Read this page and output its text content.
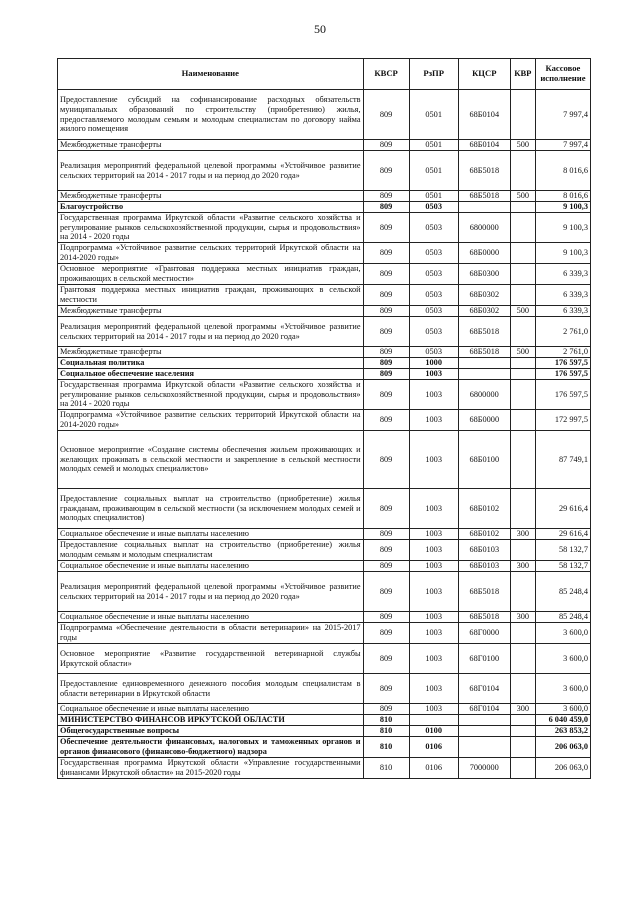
50
Наименование	КВСР	РзПР	КЦСР	КВР	Кассовое исполнение
Предоставление субсидий на софинансирование расходных обязательств муниципальных образований по строительству (приобретению) жилья, предоставляемого молодым семьям и молодым специалистам по договору найма жилого помещения	809	0501	68Б0104		7 997,4
Межбюджетные трансферты	809	0501	68Б0104	500	7 997,4
Реализация мероприятий федеральной целевой программы «Устойчивое развитие сельских территорий на 2014 - 2017 годы и на период до 2020 года»	809	0501	68Б5018		8 016,6
Межбюджетные трансферты	809	0501	68Б5018	500	8 016,6
Благоустройство	809	0503			9 100,3
Государственная программа Иркутской области «Развитие сельского хозяйства и регулирование рынков сельскохозяйственной продукции, сырья и продовольствия» на 2014 - 2020 годы	809	0503	6800000		9 100,3
Подпрограмма «Устойчивое развитие сельских территорий Иркутской области на 2014-2020 годы»	809	0503	68Б0000		9 100,3
Основное мероприятие «Грантовая поддержка местных инициатив граждан, проживающих в сельской местности»	809	0503	68Б0300		6 339,3
Грантовая поддержка местных инициатив граждан, проживающих в сельской местности	809	0503	68Б0302		6 339,3
Межбюджетные трансферты	809	0503	68Б0302	500	6 339,3
Реализация мероприятий федеральной целевой программы «Устойчивое развитие сельских территорий на 2014 - 2017 годы и на период до 2020 года»	809	0503	68Б5018		2 761,0
Межбюджетные трансферты	809	0503	68Б5018	500	2 761,0
Социальная политика	809	1000			176 597,5
Социальное обеспечение населения	809	1003			176 597,5
Государственная программа Иркутской области «Развитие сельского хозяйства и регулирование рынков сельскохозяйственной продукции, сырья и продовольствия» на 2014 - 2020 годы	809	1003	6800000		176 597,5
Подпрограмма «Устойчивое развитие сельских территорий Иркутской области на 2014-2020 годы»	809	1003	68Б0000		172 997,5
Основное мероприятие «Создание системы обеспечения жильем проживающих и желающих проживать в сельской местности и закрепление в сельской местности молодых семей и молодых специалистов»	809	1003	68Б0100		87 749,1
Предоставление социальных выплат на строительство (приобретение) жилья гражданам, проживающим в сельской местности (за исключением молодых семей и молодых специалистов)	809	1003	68Б0102		29 616,4
Социальное обеспечение и иные выплаты населению	809	1003	68Б0102	300	29 616,4
Предоставление социальных выплат на строительство (приобретение) жилья молодым семьям и молодым специалистам	809	1003	68Б0103		58 132,7
Социальное обеспечение и иные выплаты населению	809	1003	68Б0103	300	58 132,7
Реализация мероприятий федеральной целевой программы «Устойчивое развитие сельских территорий на 2014 - 2017 годы и на период до 2020 года»	809	1003	68Б5018		85 248,4
Социальное обеспечение и иные выплаты населению	809	1003	68Б5018	300	85 248,4
Подпрограмма «Обеспечение деятельности в области ветеринарии» на 2015-2017 годы	809	1003	68Г0000		3 600,0
Основное мероприятие «Развитие государственной ветеринарной службы Иркутской области»	809	1003	68Г0100		3 600,0
Предоставление единовременного денежного пособия молодым специалистам в области ветеринарии в Иркутской области	809	1003	68Г0104		3 600,0
Социальное обеспечение и иные выплаты населению	809	1003	68Г0104	300	3 600,0
МИНИСТЕРСТВО ФИНАНСОВ ИРКУТСКОЙ ОБЛАСТИ	810				6 040 459,0
Общегосударственные вопросы	810	0100			263 853,2
Обеспечение деятельности финансовых, налоговых и таможенных органов и органов финансового (финансово-бюджетного) надзора	810	0106			206 063,0
Государственная программа Иркутской области «Управление государственными финансами Иркутской области» на 2015-2020 годы	810	0106	7000000		206 063,0
